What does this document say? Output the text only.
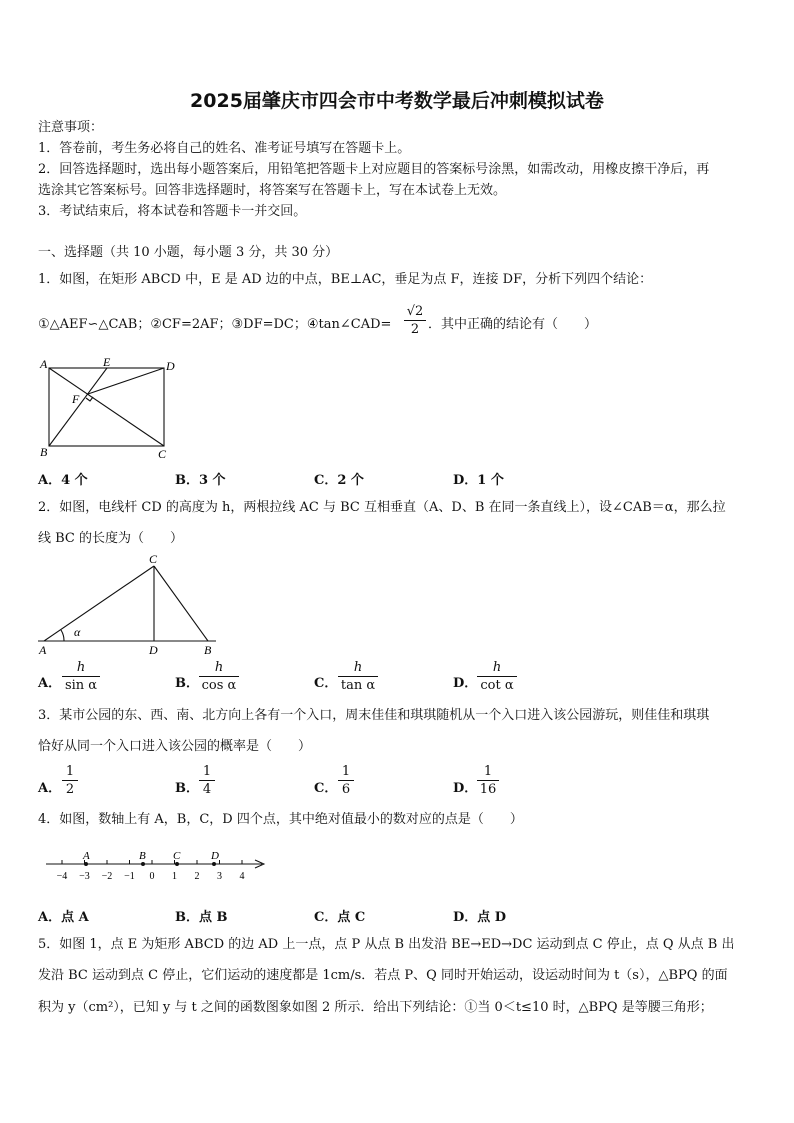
2025届肇庆市四会市中考数学最后冲刺模拟试卷
注意事项：
1．答卷前，考生务必将自己的姓名、准考证号填写在答题卡上。
2．回答选择题时，选出每小题答案后，用铅笔把答题卡上对应题目的答案标号涂黑，如需改动，用橡皮擦干净后，再
选涂其它答案标号。回答非选择题时，将答案写在答题卡上，写在本试卷上无效。
3．考试结束后，将本试卷和答题卡一并交回。
一、选择题（共 10 小题，每小题 3 分，共 30 分）
1．如图，在矩形 ABCD 中，E 是 AD 边的中点，BE⊥AC，垂足为点 F，连接 DF，分析下列四个结论：
①△AEF∽△CAB；②CF=2AF；③DF=DC；④tan∠CAD=
√2
2 ．其中正确的结论有（　　）
A	E	D
F
B	C
A．4 个	B．3 个	C．2 个	D．1 个
2．如图，电线杆 CD 的高度为 h，两根拉线 AC 与 BC 互相垂直（A、D、B 在同一条直线上），设∠CAB＝α，那么拉
线 BC 的长度为（　　）
α
C
A	D	B
A．
h
sin α	B．
h
cos α	C．
h
tan α	D．
h
cot α
3．某市公园的东、西、南、北方向上各有一个入口，周末佳佳和琪琪随机从一个入口进入该公园游玩，则佳佳和琪琪
恰好从同一个入口进入该公园的概率是（　　）
A．
1
2	B．
1
4	C．
1
6	D．
1
16
4．如图，数轴上有 A，B，C，D 四个点，其中绝对值最小的数对应的点是（　　）
A	B C	D
−4 −3 −2 −1 0 1 2 3 4
A．点 A	B．点 B	C．点 C	D．点 D
5．如图 1，点 E 为矩形 ABCD 的边 AD 上一点，点 P 从点 B 出发沿 BE→ED→DC 运动到点 C 停止，点 Q 从点 B 出
发沿 BC 运动到点 C 停止，它们运动的速度都是 1cm/s．若点 P、Q 同时开始运动，设运动时间为 t（s），△BPQ 的面
积为 y（cm²），已知 y 与 t 之间的函数图象如图 2 所示．给出下列结论：①当 0＜t≤10 时，△BPQ 是等腰三角形；
